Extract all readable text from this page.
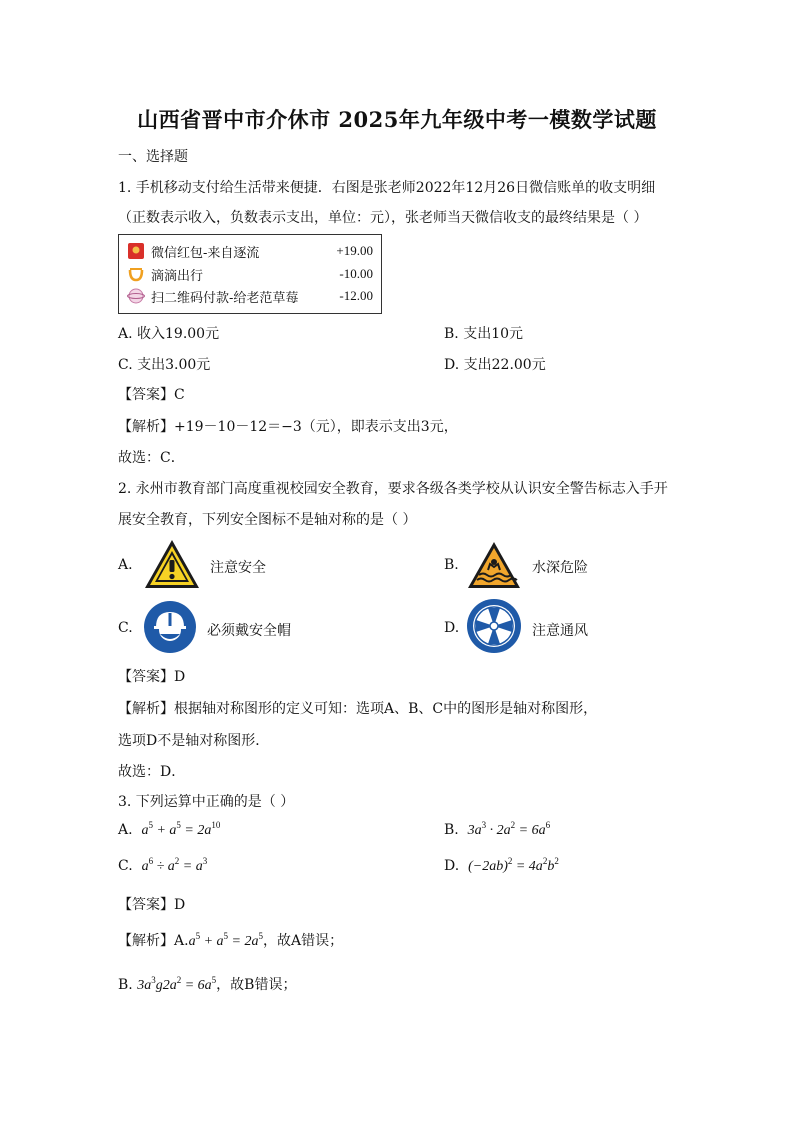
山西省晋中市介休市 2025年九年级中考一模数学试题
一、选择题
1. 手机移动支付给生活带来便捷．右图是张老师2022年12月26日微信账单的收支明细
（正数表示收入，负数表示支出，单位：元），张老师当天微信收支的最终结果是（ ）
微信红包-来自逐流	+19.00
滴滴出行	-10.00
扫二维码付款-给老范草莓	-12.00
A. 收入19.00元	B. 支出10元
C. 支出3.00元	D. 支出22.00元
【答案】C
【解析】+19－10－12＝−3（元），即表示支出3元，
故选：C．
2. 永州市教育部门高度重视校园安全教育，要求各级各类学校从认识安全警告标志入手开
展安全教育，下列安全图标不是轴对称的是（ ）
A.	注意安全	B.	水深危险
C.	必须戴安全帽	D.	注意通风
【答案】D
【解析】根据轴对称图形的定义可知：选项A、B、C中的图形是轴对称图形，
选项D不是轴对称图形．
故选：D．
3. 下列运算中正确的是（ ）
A.  $a^5 + a^5 = 2a^{10}$	B.  $3a^3 \cdot 2a^2 = 6a^6$
C.  $a^6 \div a^2 = a^3$	D.  $(-2ab)^2 = 4a^2b^2$
【答案】D
【解析】$A.a^5 + a^5 = 2a^5$，故A错误；
B. $3a^3g2a^2 = 6a^5$，故B错误；
